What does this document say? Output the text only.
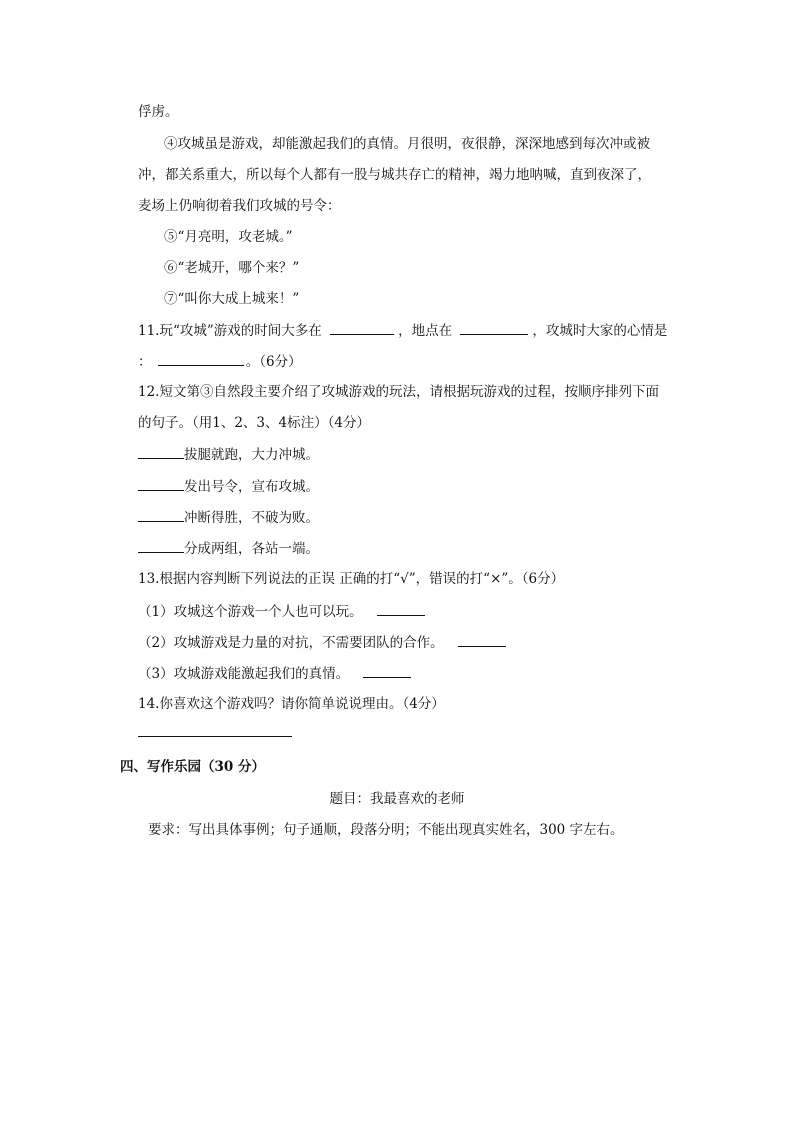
俘虏。
④攻城虽是游戏，却能激起我们的真情。月很明，夜很静，深深地感到每次冲或被
冲，都关系重大，所以每个人都有一股与城共存亡的精神，竭力地呐喊，直到夜深了，
麦场上仍响彻着我们攻城的号令：
⑤“月亮明，攻老城。”
⑥“老城开，哪个来？”
⑦“叫你大成上城来！”
11.玩“攻城”游戏的时间大多在	，地点在	，攻城时大家的心情是
：	。（6分）
12.短文第③自然段主要介绍了攻城游戏的玩法，请根据玩游戏的过程，按顺序排列下面
的句子。（用1、2、3、4标注）（4分）
拔腿就跑，大力冲城。
发出号令，宣布攻城。
冲断得胜，不破为败。
分成两组，各站一端。
13.根据内容判断下列说法的正误 正确的打“√”，错误的打“×”。（6分）
（1）攻城这个游戏一个人也可以玩。
（2）攻城游戏是力量的对抗，不需要团队的合作。
（3）攻城游戏能激起我们的真情。
14.你喜欢这个游戏吗？请你简单说说理由。（4分）
四、写作乐园（30 分）
题目：我最喜欢的老师
要求：写出具体事例；句子通顺，段落分明；不能出现真实姓名，300 字左右。
